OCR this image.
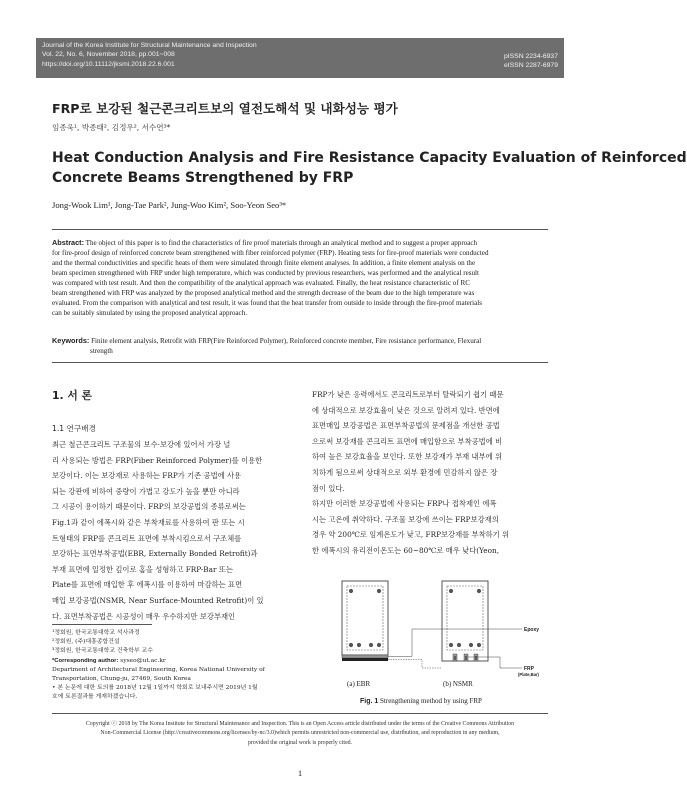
Journal of the Korea Institute for Structural Maintenance and Inspection
Vol. 22, No. 6, November 2018, pp.001~008
https://doi.org/10.11112/jksmi.2018.22.6.001
pISSN 2234-6937
eISSN 2287-6979
FRP로 보강된 철근콘크리트보의 열전도해석 및 내화성능 평가
임종욱¹, 박종태², 김정우², 서수연³*
Heat Conduction Analysis and Fire Resistance Capacity Evaluation of Reinforced
Concrete Beams Strengthened by FRP
Jong-Wook Lim¹, Jong-Tae Park², Jung-Woo Kim², Soo-Yeon Seo³*
Abstract: The object of this paper is to find the characteristics of fire proof materials through an analytical method and to suggest a proper approach
for fire-proof design of reinforced concrete beam strengthened with fiber reinforced polymer (FRP). Heating tests for fire-proof materials were conducted
and the thermal conductivities and specific heats of them were simulated through finite element analyses. In addition, a finite element analysis on the
beam specimen strengthened with FRP under high temperature, which was conducted by previous researchers, was performed and the analytical result
was compared with test result. And then the compatibility of the analytical approach was evaluated. Finally, the heat resistance characteristic of RC
beam strengthened with FRP was analyzed by the proposed analytical method and the strength decrease of the beam due to the high temperature was
evaluated. From the comparison with analytical and test result, it was found that the heat transfer from outside to inside through the fire-proof materials
can be suitably simulated by using the proposed analytical approach.
Keywords: Finite element analysis, Retrofit with FRP(Fire Reinforced Polymer), Reinforced concrete member, Fire resistance performance, Flexural
strength
1. 서 론
1.1 연구배경
최근 철근콘크리트 구조물의 보수·보강에 있어서 가장 널
리 사용되는 방법은 FRP(Fiber Reinforced Polymer)를 이용한
보강이다. 이는 보강재로 사용하는 FRP가 기존 공법에 사용
되는 강판에 비하여 중량이 가볍고 강도가 높을 뿐만 아니라
그 시공이 용이하기 때문이다. FRP의 보강공법의 종류로써는
Fig.1과 같이 에폭시와 같은 부착재료를 사용하여 판 또는 시
트형태의 FRP를 콘크리트 표면에 부착시킴으로서 구조체를
보강하는 표면부착공법(EBR, Externally Bonded Retrofit)과
부재 표면에 일정한 깊이로 홈을 성형하고 FRP-Bar 또는
Plate를 표면에 매입한 후 에폭시를 이용하여 마감하는 표면
매입 보강공법(NSMR, Near Surface-Mounted Retrofit)이 있
다. 표면부착공법은 시공성이 매우 우수하지만 보강부재인
¹정회원, 한국교통대학교 석사과정
²정회원, (주)대흥종합건설
³정회원, 한국교통대학교 건축학부 교수
*Corresponding author: syseo@ut.ac.kr
Department of Architectural Engineering, Korea National University of
Transportation, Chung-ju, 27469, South Korea
• 본 논문에 대한 토의를 2018년 12월 1일까지 학회로 보내주시면 2019년 1월
호에 토론결과를 게재하겠습니다.
FRP가 낮은 응력에서도 콘크리트로부터 탈락되기 쉽기 때문
에 상대적으로 보강효율이 낮은 것으로 알려져 있다. 반면에
표면매입 보강공법은 표면부착공법의 문제점을 개선한 공법
으로써 보강재를 콘크리트 표면에 매입함으로 부착공법에 비
하여 높은 보강효율을 보인다. 또한 보강재가 부재 내부에 위
치하게 됨으로써 상대적으로 외부 환경에 민감하지 않은 장
점이 있다.
하지만 이러한 보강공법에 사용되는 FRP나 접착제인 에폭
시는 고온에 취약하다. 구조물 보강에 쓰이는 FRP보강재의
경우 약 200℃로 임계온도가 낮고, FRP보강재를 부착하기 위
한 에폭시의 유리전이온도는 60~80℃로 매우 낮다(Yeon,
Epoxy
FRP
(Plate,Bar)
(a) EBR	(b) NSMR
Fig. 1 Strengthening method by using FRP
Copyright ⓒ 2018 by The Korea Institute for Structural Maintenance and Inspection. This is an Open Access article distributed under the terms of the Creative Commons Attribution
Non-Commercial License (http://creativecommons.org/licenses/by-nc/3.0)which permits unrestricted non-commercial use, distribution, and reproduction in any medium,
provided the original work is properly cited.
1
